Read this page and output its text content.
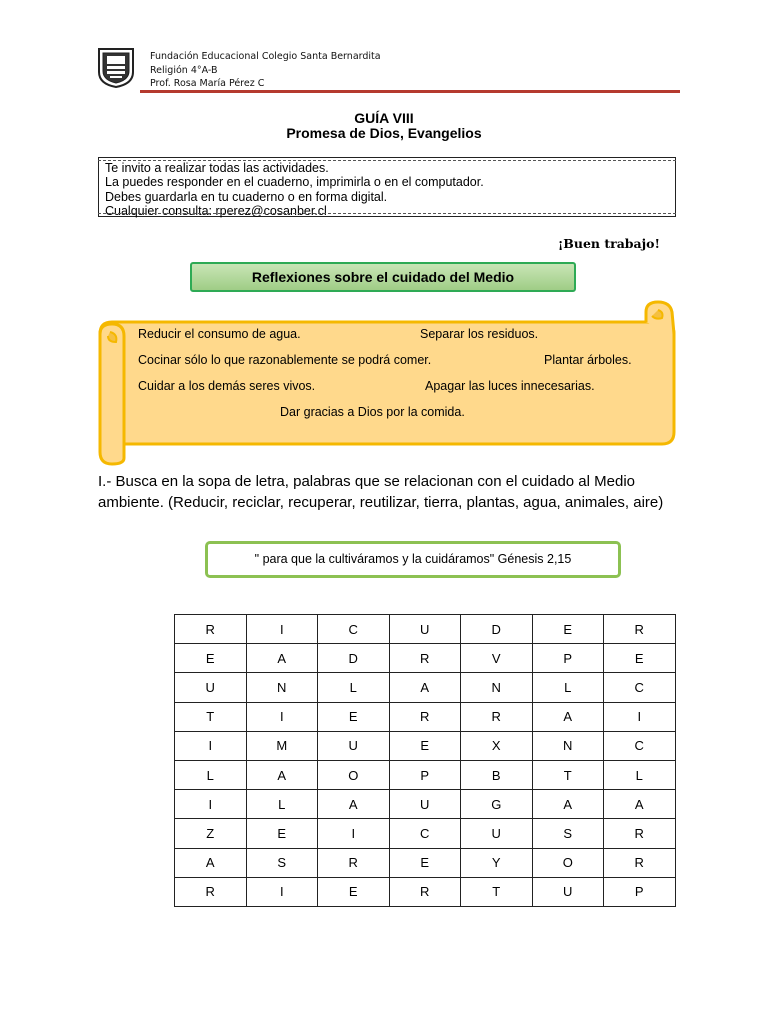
Fundación Educacional Colegio Santa Bernardita
Religión 4°A-B
Prof. Rosa María Pérez C
GUÍA VIII
Promesa de Dios, Evangelios
Te invito a realizar todas las actividades.
La puedes responder en el cuaderno, imprimirla o en el computador.
Debes guardarla en tu cuaderno o en forma digital.
Cualquier consulta: rperez@cosanber.cl
¡Buen trabajo!
Reflexiones sobre el cuidado del Medio
Reducir el consumo de agua.	Separar los residuos.
Cocinar sólo lo que razonablemente se podrá comer.	Plantar árboles.
Cuidar a los demás seres vivos.	Apagar las luces innecesarias.
Dar gracias a Dios por la comida.
I.- Busca en la sopa de letra, palabras que se relacionan con el cuidado al Medio ambiente. (Reducir, reciclar, recuperar, reutilizar, tierra, plantas, agua, animales, aire)
" para que la cultiváramos y la cuidáramos" Génesis 2,15
R	I	C	U	D	E	R
E	A	D	R	V	P	E
U	N	L	A	N	L	C
T	I	E	R	R	A	I
I	M	U	E	X	N	C
L	A	O	P	B	T	L
I	L	A	U	G	A	A
Z	E	I	C	U	S	R
A	S	R	E	Y	O	R
R	I	E	R	T	U	P
